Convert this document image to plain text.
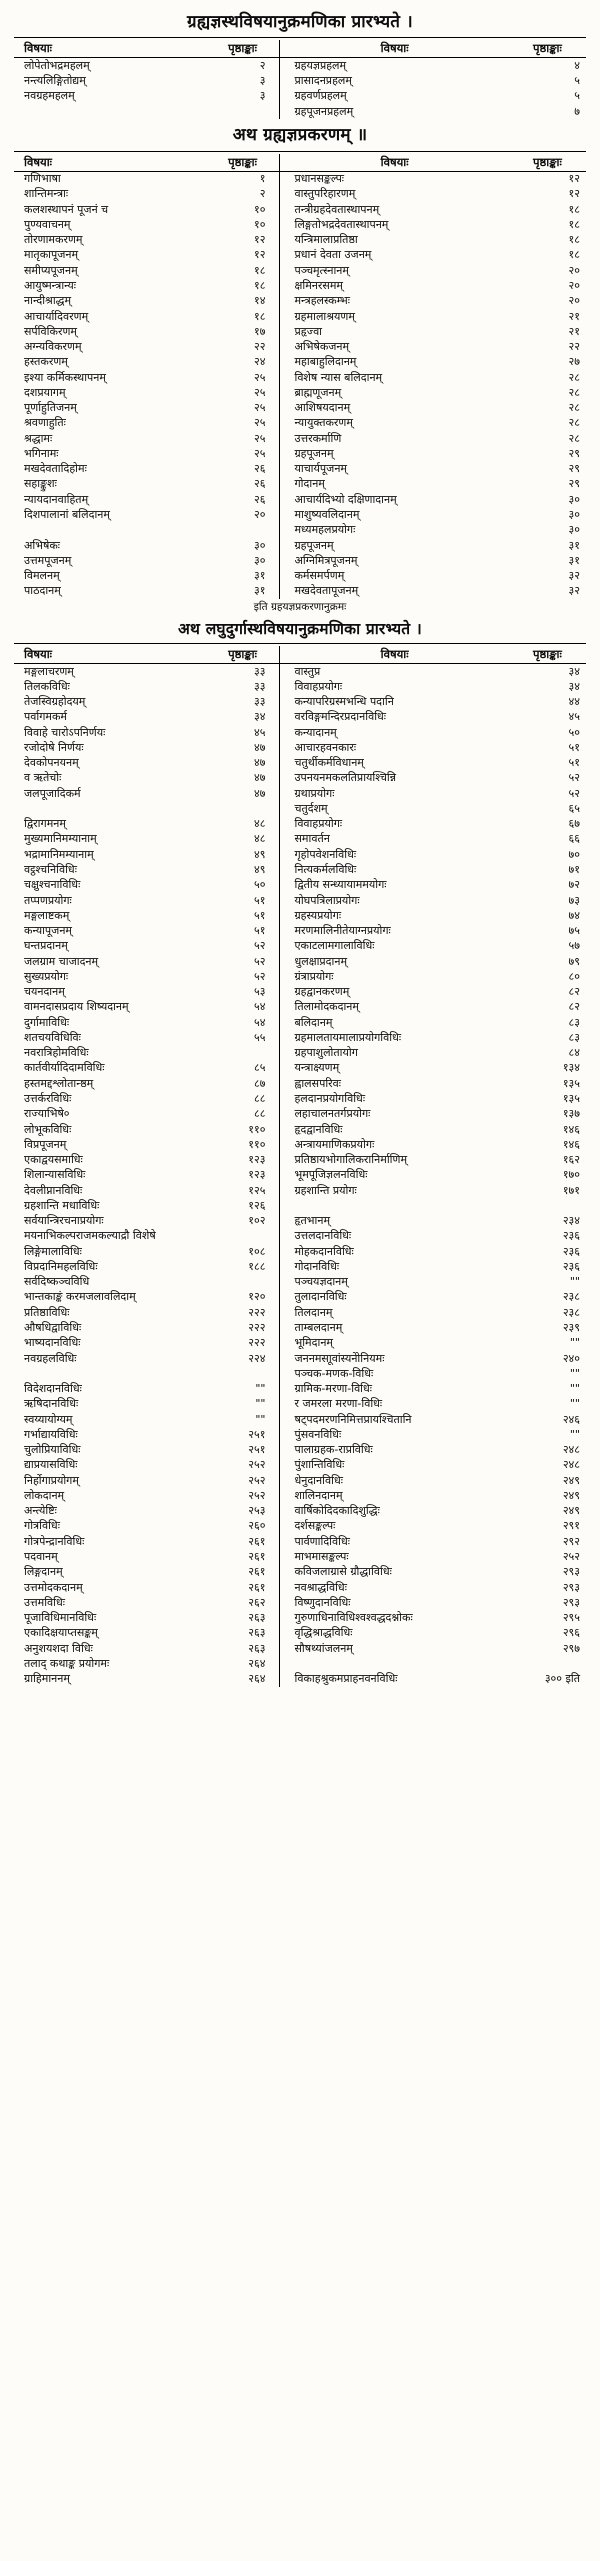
ग्रह्यज्ञस्थविषयानुक्रमणिका प्रारभ्यते ।
विषयाः	पृष्ठाङ्काः	विषयाः	पृष्ठाङ्काः
लोपेतोभद्रमहलम्	२	ग्रहयज्ञप्रहलम्	४
नन्त्यलिङ्गितोद्यम्	३	प्रासादनप्रहलम्	५
नवग्रहमहलम्	३	ग्रहवर्णप्रहलम्	५
		ग्रहपूजनप्रहलम्	७
अथ ग्रह्यज्ञप्रकरणम् ॥
विषयाः	पृष्ठाङ्काः	विषयाः	पृष्ठाङ्काः
गणिभाषा	१	प्रधानसङ्कल्पः	१२
शान्तिमन्त्राः	२	वास्तुपरिहारणम्	१२
कलशस्थापनं पूजनं च	१०	तन्त्रीग्रहदेवतास्थापनम्	१८
पुण्यवाचनम्	१०	लिङ्गतोभद्रदेवतास्थापनम्	१८
तोरणामकरणम्	१२	यन्त्रिमालाप्रतिष्ठा	१८
मातृकापूजनम्	१२	प्रधानं देवता उजनम्	१८
समीप्यपूजनम्	१८	पञ्चमृत्स्नानम्	२०
आयुष्मन्त्रान्यः	१८	क्षमिनरसमम्	२०
नान्दीश्राद्धम्	१४	मन्त्रहलस्कम्भः	२०
आचार्यादिवरणम्	१८	ग्रहमालाश्रयणम्	२१
सर्पविकिरणम्	१७	प्रहृज्वा	२१
अग्न्यविकरणम्	२२	अभिषेकजनम्	२२
हस्तकरणम्	२४	महाबाहुलिदानम्	२७
इश्या कर्मिकस्थापनम्	२५	विशेष न्यास बलिदानम्	२८
दशप्रयागम्	२५	ब्राह्मणूजनम्	२८
पूर्णाहुतिजनम्	२५	आशिषयदानम्	२८
श्रवणाहुतिः	२५	न्यायुक्तकरणम्	२८
श्रद्धामः	२५	उत्तरकर्माणि	२८
भगिनामः	२५	ग्रहपूजनम्	२९
मखदेवतादिहोमः	२६	याचार्यपूजनम्	२९
सहाङ्कुशः	२६	गोदानम्	२९
न्यायदानवाहितम्	२६	आचार्यदिभ्यो दक्षिणादानम्	३०
दिशपालानां बलिदानम्	२०	माशुष्यवलिदानम्	३०
		मध्यमहलप्रयोगः	३०
अभिषेकः	३०	ग्रहपूजनम्	३१
उत्तमपूजनम्	३०	अग्निमित्रपूजनम्	३१
विमलनम्	३१	कर्मसमर्पणम्	३२
पाठदानम्	३१	मखदेवतापूजनम्	३२
इति ग्रहयज्ञप्रकरणानुक्रमः
अथ लघुदुर्गास्थविषयानुक्रमणिका प्रारभ्यते ।
विषयाः	पृष्ठाङ्काः	विषयाः	पृष्ठाङ्काः
मङ्गलाचरणम्	३३	वास्तुप्र	३४
तिलकविधिः	३३	विवाहप्रयोगः	३४
तेजस्विग्रहोदयम्	३३	कन्यापरिग्रस्मभन्धि पदानि	४४
पर्वागमकर्म	३४	वरविङ्गमन्दिरप्रदानविधिः	४५
विवाहे चारोऽपनिर्णयः	४५	कन्यादानम्	५०
रजोदोषे निर्णयः	४७	आचारहवनकारः	५१
देवकोपनयनम्	४७	चतुर्थीकर्मविधानम्	५१
व ऋतेचोः	४७	उपनयनमकलतिप्रायश्चिन्नि	५२
जलपूजादिकर्म	४७	ग्रथाप्रयोगः	५२
		चतुर्दशम्	६५
द्विरागमनम्	४८	विवाहप्रयोगः	६७
मुख्यमानिमम्यानाम्	४८	समावर्तन	६६
भद्रामानिमम्यानाम्	४९	गृहोपवेशनविधिः	७०
वट्ठश्चनिविधिः	४९	नित्यकर्मलविधिः	७१
चक्षुश्चनाविधिः	५०	द्वितीय सन्ध्यायाममयोगः	७२
तप्पणप्रयोगः	५१	योघपत्रिलाप्रयोगः	७३
मङ्गलाष्टकम्	५१	ग्रहस्यप्रयोगः	७४
कन्यापूजनम्	५१	मरणमालिनीतेयाग्नप्रयोगः	७५
घन्तप्रदानम्	५२	एकाटलामगालाविधिः	५७
जलग्राम चाजादनम्	५२	धुलक्षाप्रदानम्	७९
सुख्यप्रयोगः	५२	ग्रंत्राप्रयोगः	८०
चयनदानम्	५३	ग्रहद्वानकरणम्	८२
वामनदासप्रदाय शिष्यदानम्	५४	तिलामोदकदानम्	८२
दुर्गामाविधिः	५४	बलिदानम्	८३
शतचयविधिविः	५५	ग्रहमालतायमालाप्रयोगविधिः	८३
नवरात्रिहोमविधिः		ग्रहपाशुलोतायोग	८४
कार्तवीर्यादिदामविधिः	८५	यन्त्राक्ष्यणम्	१३४
हस्तमद्दश्लोतान्ष्ठम्	८७	ह्वालसपरिवः	१३५
उत्तर्करविधिः	८८	हलदानप्रयोगविधिः	१३५
राज्याभिषे०	८८	लहाचालनतर्गप्रयोगः	१३७
लोभूकविधिः	११०	हृदद्वानविधिः	१४६
विप्रपूजनम्	११०	अन्त्रायमाणिकप्रयोगः	१४६
एकाद्वयसमाधिः	१२३	प्रतिष्ठायभोगालिकरानिर्माणिम्	१६२
शिलान्यासविधिः	१२३	भूमपूजिज्ञलनविधिः	१७०
देवलीप्नानविधिः	१२५	ग्रहशान्ति प्रयोगः	१७१
ग्रहशान्ति मधाविधिः	१२६		
सर्वयान्त्रिरचनाप्रयोगः	१०२	हृतभानम्	२३४
मयनाभिकल्पराजमकल्याद्रौ विशेषे		उत्तलदानविधिः	२३६
लिङ्गेमालाविधिः	१०८	मोहकदानविधिः	२३६
विप्रदानिमहलविधिः	१८८	गोदानविधिः	२३६
सर्वदिष्कञ्चविधि		पञ्चयज्ञदानम्	""
भान्तकाङ्कं करमजलावलिदाम्	१२०	तुलादानविधिः	२३८
प्रतिष्ठाविधिः	२२२	तिलदानम्	२३८
औषधिद्वाविधिः	२२२	ताम्बलदानम्	२३९
भाष्यदानविधिः	२२२	भूमिदानम्	""
नवग्रहलविधिः	२२४	जननमसाूवांस्यनेोनियमः	२४०
		पञ्चक-मणक-विधिः	""
विदेशदानविधिः	""	ग्रामिक-मरणा-विधिः	""
ऋषिदानविधिः	""	र जमरला मरणा-विधिः	""
स्वय्यायोग्यम्	""	षट्पदमरणनिमित्तप्रायश्चितानि	२४६
गर्भाद्यायविधिः	२५१	पुंसवनविधिः	""
चुलोप्रियाविधिः	२५१	पालाग्रहक-राप्रविधिः	२४८
द्याप्रयासविधिः	२५२	पुंशान्तिविधिः	२४८
निर्होगाप्रयोगम्	२५२	धेनुदानविधिः	२४९
लोकदानम्	२५२	शालिनदानम्	२४९
अन्त्येष्टिः	२५३	वार्षिकोदिदकादिशुद्धिः	२४९
गोत्रविधिः	२६०	दर्शसङ्कल्पः	२९१
गोत्रपेन्द्रानविधिः	२६१	पार्वणादिविधिः	२९२
पदवानम्	२६१	माभमासङ्कल्पः	२५२
लिङ्गदानम्	२६१	कविजलाग्रासे ग्रौद्धाविधिः	२९३
उत्तमोदकदानम्	२६१	नवश्राद्धविधिः	२९३
उत्तमविधिः	२६२	विष्णुदानविधिः	२९३
पूजाविधिमानविधिः	२६३	गुरुणाधिनाविधिश्वश्वद्धदश्नोकः	२९५
एकादिक्षयाप्तसङ्कम्	२६३	वृद्धिश्राद्धविधिः	२९६
अनुशयशदा विधिः	२६३	सौषथ्यांजलनम्	२९७
तलाद् कथाङ्क प्रयोगमः	२६४		
ग्राहिमाननम्	२६४	विकाहश्रुकमप्राहनवनविधिः	३०० इति
